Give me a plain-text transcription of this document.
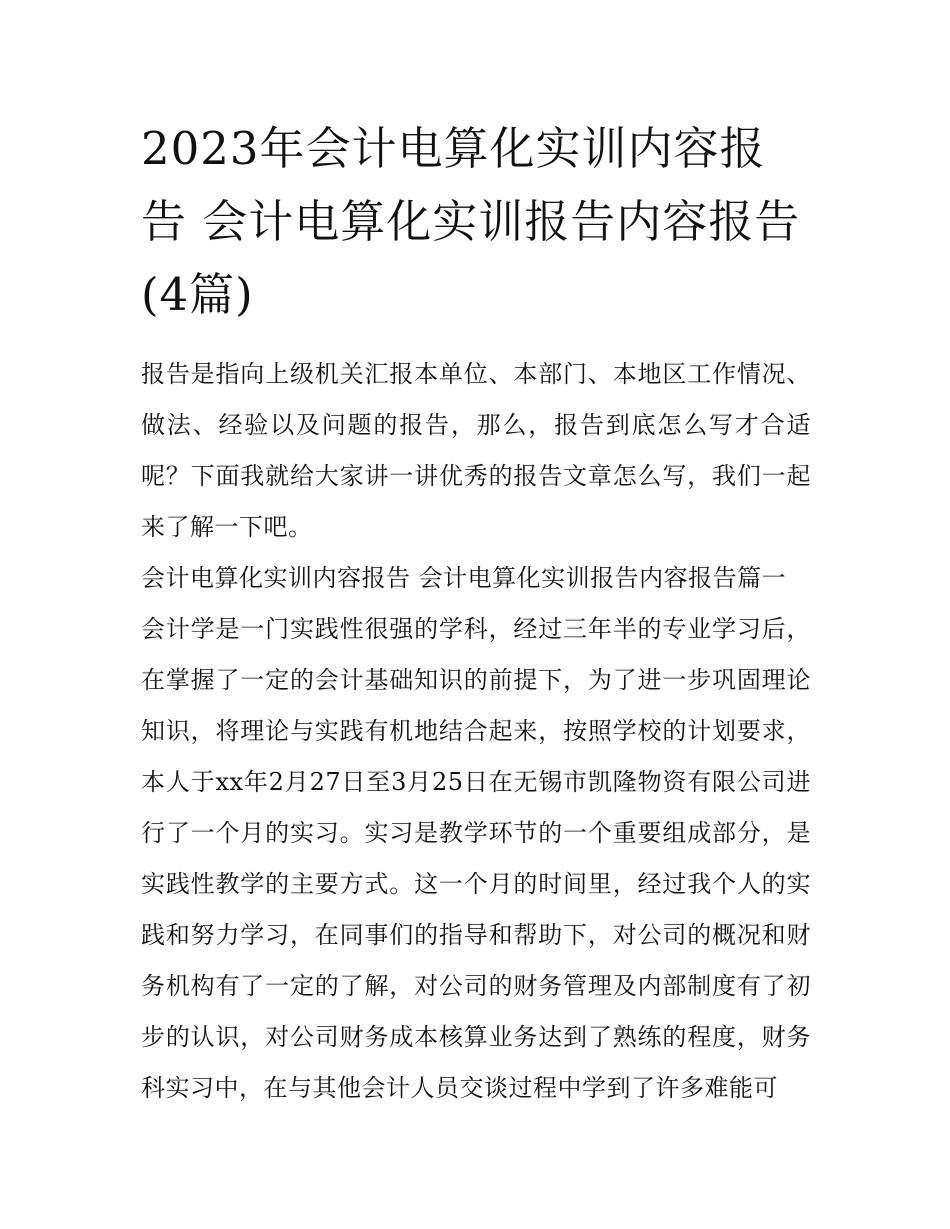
2023年会计电算化实训内容报告 会计电算化实训报告内容报告(4篇)

报告是指向上级机关汇报本单位、本部门、本地区工作情况、做法、经验以及问题的报告，那么，报告到底怎么写才合适呢？下面我就给大家讲一讲优秀的报告文章怎么写，我们一起来了解一下吧。

会计电算化实训内容报告 会计电算化实训报告内容报告篇一

会计学是一门实践性很强的学科，经过三年半的专业学习后，在掌握了一定的会计基础知识的前提下，为了进一步巩固理论知识，将理论与实践有机地结合起来，按照学校的计划要求，本人于xx年2月27日至3月25日在无锡市凯隆物资有限公司进行了一个月的实习。实习是教学环节的一个重要组成部分，是实践性教学的主要方式。这一个月的时间里，经过我个人的实践和努力学习，在同事们的指导和帮助下，对公司的概况和财务机构有了一定的了解，对公司的财务管理及内部制度有了初步的认识，对公司财务成本核算业务达到了熟练的程度，财务科实习中，在与其他会计人员交谈过程中学到了许多难能可
